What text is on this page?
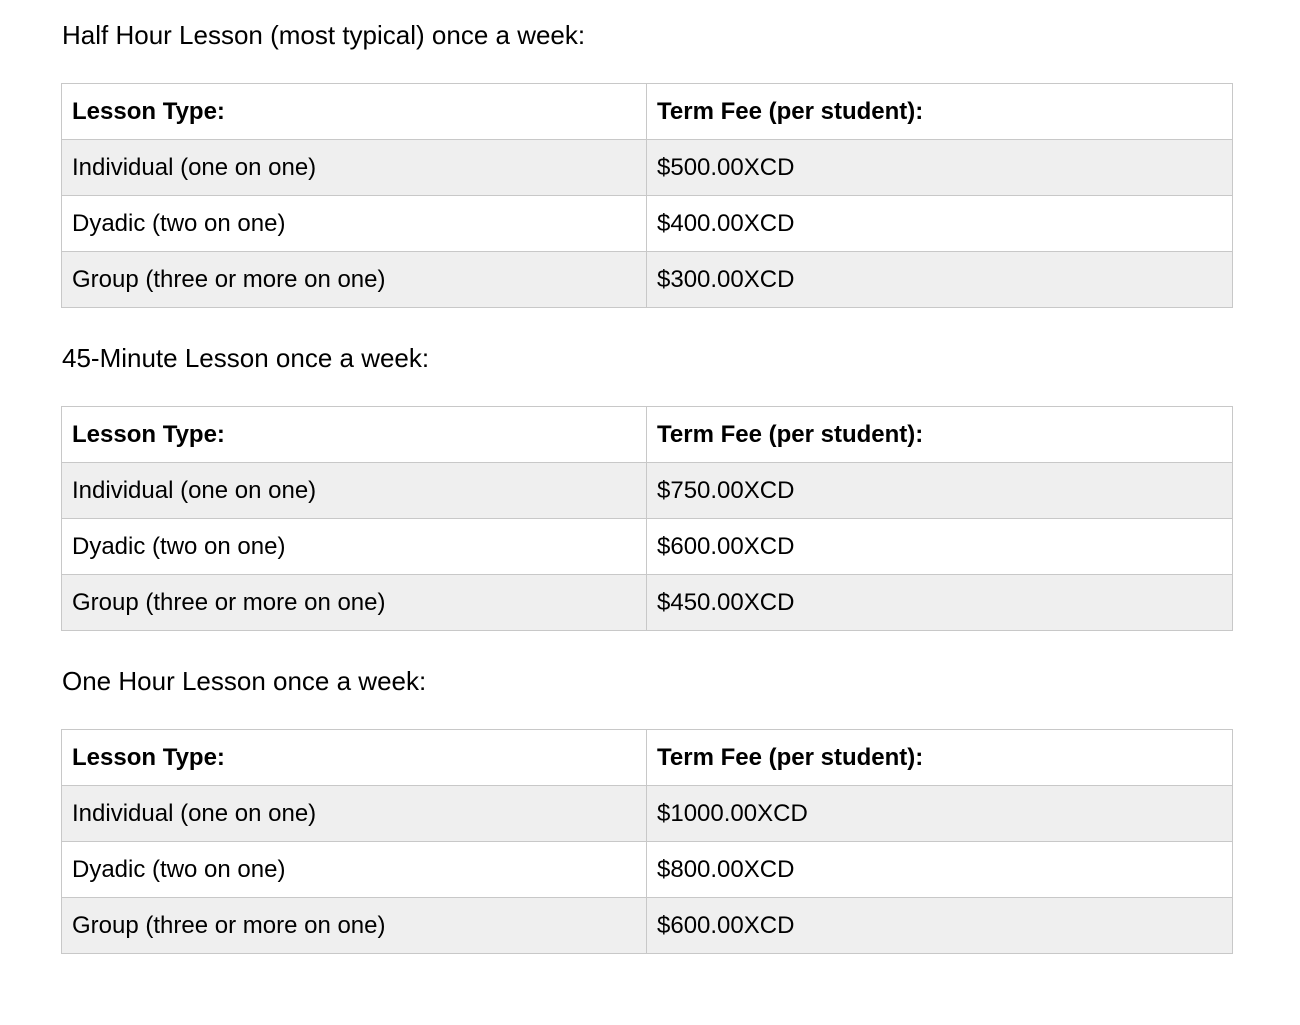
Half Hour Lesson (most typical) once a week:
Lesson Type:	Term Fee (per student):
Individual (one on one)	$500.00XCD
Dyadic (two on one)	$400.00XCD
Group (three or more on one)	$300.00XCD
45-Minute Lesson once a week:
Lesson Type:	Term Fee (per student):
Individual (one on one)	$750.00XCD
Dyadic (two on one)	$600.00XCD
Group (three or more on one)	$450.00XCD
One Hour Lesson once a week:
Lesson Type:	Term Fee (per student):
Individual (one on one)	$1000.00XCD
Dyadic (two on one)	$800.00XCD
Group (three or more on one)	$600.00XCD
